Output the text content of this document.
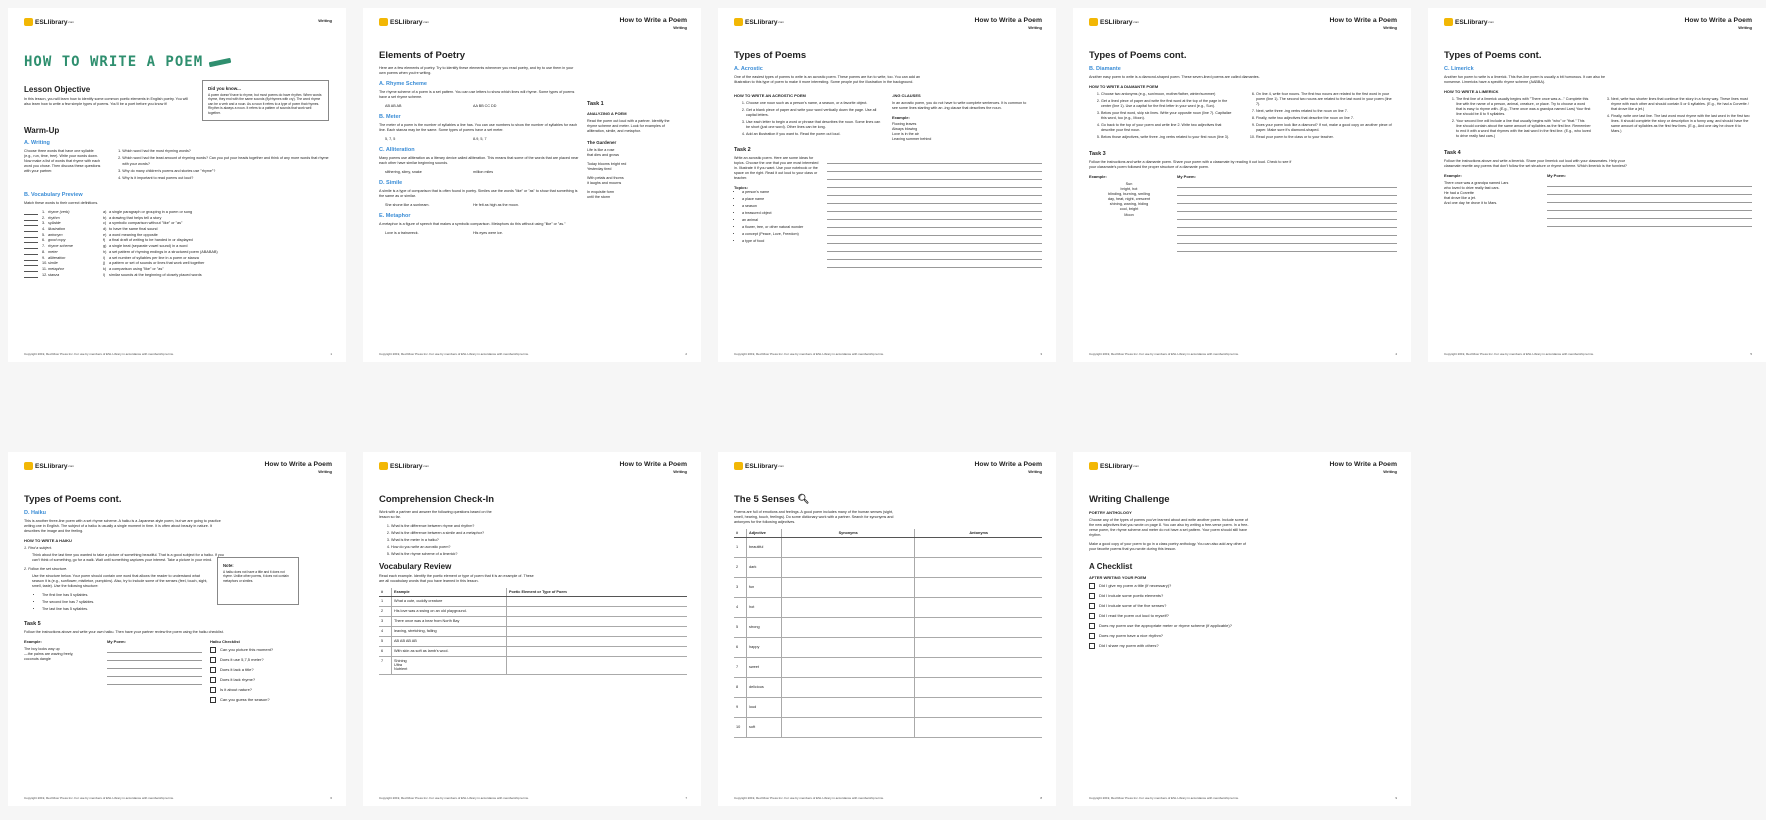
ESLlibrary .com	Writing
HOW TO WRITE A POEM
Lesson Objective

In this lesson, you will learn how to identify some common poetic elements in English poetry. You will also learn how to write a few simple types of poems. You'll be a poet before you know it!

Did you know...
A poem doesn't have to rhyme, but most poems do have rhythm. When words rhyme, they end with the same sounds (fly/rhymes with cry). The word rhyme can be a verb and a noun. As a noun it refers to a type of poem that rhymes. Rhythm is always a noun. It refers to a pattern of sounds that work well together.
Warm-Up
A. Writing

Choose three words that have one syllable (e.g., run, time, tree). Write your words down. Now make a list of words that rhyme with each word you chose. Then discuss these questions with your partner.

1. Which word had the most rhyming words?
2. Which word had the least amount of rhyming words? Can you put your heads together and think of any more words that rhyme with your words?
3. Why do many children's poems and stories use "rhyme"?
4. Why is it important to read poems out loud?
B. Vocabulary Preview

Match these words to their correct definitions.

1. rhyme (verb)	a) a single paragraph or grouping in a poem or song
2. rhythm	b) a drawing that helps tell a story
3. syllable	c) a symbolic comparison without "like" or "as"
4. illustration	d) to have the same final sound
5. antonym	e) a word meaning the opposite
6. good copy	f) a final draft of writing to be handed in or displayed
7. rhyme scheme	g) a single beat (separate vowel sound) in a word
8. meter	h) a set pattern of rhyming endings in a structured poem (ABABAB)
9. alliteration	i)	a set number of syllables per line in a poem or stanza
10. simile	j)	a pattern or set of sounds or lines that work well together
11. metaphor	k) a comparison using "like" or "as"
12. stanza	l)	similar sounds at the beginning of closely placed words
Copyright 2019, Red River Press Inc. For use by members of ESL Library in accordance with membership terms.	1
ESLlibrary .com	How to Write a Poem
Writing
Elements of Poetry

Here are a few elements of poetry. Try to identify these elements whenever you read poetry, and try to use them in your own poems when you're writing.

A. Rhyme Scheme

The rhyme scheme of a poem is a set pattern. You can use letters to show which lines will rhyme. Some types of poems have a set rhyme scheme.

AB AB AB	AA BB CC DD
B. Meter

The meter of a poem is the number of syllables a line has. You can use numbers to show the number of syllables for each line. Each stanza may be the same. Some types of poems have a set meter.

5, 7, 5	8-9, 5, 7
C. Alliteration

Many poems use alliteration as a literary device called alliteration. This means that some of the words that are placed near each other have similar beginning sounds.

slithering, slimy, snake	million miles
D. Simile

A simile is a type of comparison that is often found in poetry. Similes use the words "like" or "as" to show that something is the same as or similar.

She shone like a sunbeam.	He felt as high as the moon.
E. Metaphor

A metaphor is a figure of speech that makes a symbolic comparison. Metaphors do this without using "like" or "as."

Love is a trainwreck.	His eyes were ice.
Task 1
ANALYZING A POEM

Read the poem out loud with a partner. Identify the rhyme scheme and meter. Look for examples of alliteration, simile, and metaphor.

The Gardener
Life is like a rose
that dies and grows
Today blooms bright red
Yesterday tired
With petals and thorns
it laughs and mourns
In exquisite form
until the storm
Copyright 2019, Red River Press Inc. For use by members of ESL Library in accordance with membership terms.	2
ESLlibrary .com	How to Write a Poem
Writing
Types of Poems
A. Acrostic

One of the easiest types of poems to write is an acrostic poem. These poems are fun to write, too. You can add an illustration to this type of poem to make it more interesting. Some people put the illustration in the background.

HOW TO WRITE AN ACROSTIC POEM
1. Choose one noun such as a person's name, a season, or a favorite object.
2. Get a blank piece of paper and write your word vertically down the page. Use all capital letters.
3. Use each letter to begin a word or phrase that describes the noun. Some lines can be short (just one word). Other lines can be long.
4. Add an illustration if you want to. Read the poem out loud.
-ING CLAUSES

In an acrostic poem, you do not have to write complete sentences. It is common to see some lines starting with an -ing clause that describes the noun.

Example:
Flowing leaves
Always blowing
Love is in the air
Leaving summer behind
Task 2

Write an acrostic poem. Here are some ideas for topics. Choose the one that you are most interested in. Illustrate it if you want. Use your notebook or the space on the right. Read it out loud to your class or teacher.

Topics:
• a person's name
• a place name
• a season
• a treasured object
• an animal
• a flower, tree, or other natural wonder
• a concept (Peace, Love, Freedom)
• a type of food
Copyright 2019, Red River Press Inc. For use by members of ESL Library in accordance with membership terms.	3
ESLlibrary .com	How to Write a Poem
Writing
Types of Poems cont.
B. Diamante

Another easy poem to write is a diamond-shaped poem. These seven-lined poems are called diamantes.

HOW TO WRITE A DIAMANTE POEM
1. Choose two antonyms (e.g., sun/moon, mother/father, winter/summer)
2. Get a lined piece of paper and write the first word at the top of the page in the center (line 1). Use a capital for the first letter in your word (e.g., Sun).
3. Below your first word, skip six lines. Write your opposite noun (line 7). Capitalize this word, too (e.g., Moon).
4. Go back to the top of your poem and write line 2. Write two adjectives that describe your first noun.
5. Below those adjectives, write three -ing verbs related to your first noun (line 3).
6. On line 4, write four nouns. The first two nouns are related to the first word in your poem (line 1). The second two nouns are related to the last word in your poem (line 7).
7. Next, write three -ing verbs related to the noun on line 7.
8. Finally, write two adjectives that describe the noun on line 7.
9. Does your poem look like a diamond? If not, make a good copy on another piece of paper. Make sure it's diamond-shaped.
10. Read your poem to the class or to your teacher.
Task 3

Follow the instructions and write a diamante poem. Share your poem with a classmate by reading it out loud. Check to see if your classmate's poem followed the proper structure of a diamante poem.

Example:
Sun
bright, hot
blinding, burning, smiling
day, heat, night, crescent
shining, waning, hiding
cool, bright
Moon
My Poem:
Copyright 2019, Red River Press Inc. For use by members of ESL Library in accordance with membership terms.	4
ESLlibrary .com	How to Write a Poem
Writing
Types of Poems cont.
C. Limerick

Another fun poem to write is a limerick. This five-line poem is usually a bit humorous. It can also be nonsense. Limericks have a specific rhyme scheme (AABBA).

HOW TO WRITE A LIMERICK
1. The first line of a limerick usually begins with "There once was a..." Complete this line with the name of a person, animal, creature, or place. Try to choose a word that is easy to rhyme with. (E.g., There once was a grandpa named Lars) Your first line should be 8 to 9 syllables.
2. Your second line will include a line that usually begins with "who" or "that." This line should contain about the same amount of syllables as the first line. Remember to end it with a word that rhymes with the last word in the first line. (E.g., who loved to drive really fast cars.)
3. Next, write two shorter lines that continue the story in a funny way. These lines must rhyme with each other and should contain 5 or 6 syllables. (E.g., He had a Corvette / that drove like a jet.)
4. Finally, write one last line. The last word must rhyme with the last word in the first two lines. It should complete the story or description in a funny way, and should have the same amount of syllables as the first few lines. (E.g., And one day he drove it to Mars.)
Task 4

Follow the instructions above and write a limerick. Share your limerick out loud with your classmates. Help your classmate rewrite any poems that don't follow the set structure or rhyme scheme. Which limerick is the funniest?

Example:
There once was a grandpa named Lars
who loved to drive really fast cars.
He had a Corvette
that drove like a jet.
And one day he drove it to Mars.
My Poem:
Copyright 2019, Red River Press Inc. For use by members of ESL Library in accordance with membership terms.	5
ESLlibrary .com	How to Write a Poem
Writing
Types of Poems cont.
D. Haiku

This is another three-line poem with a set rhyme scheme. A haiku is a Japanese-style poem, but we are going to practice writing one in English. The subject of a haiku is usually a single moment in time. It is often about beauty in nature. It describes the image and the feeling.

HOW TO WRITE A HAIKU
1. Find a subject.

Think about the last time you wanted to take a picture of something beautiful. That is a good subject for a haiku. If you can't think of something, go for a walk. Wait until something captures your interest. Take a picture in your mind.

2. Follow the set structure.

Use the structure below. Your poem should contain one word that allows the reader to understand what season it is (e.g., sunflower, mistletoe, pumpkins). Also, try to include some of the senses (feel, touch, sight, smell, taste). Use the following structure:

• The first line has 5 syllables.
• The second line has 7 syllables.
• The last line has 5 syllables.
Note:
A haiku does not have a title and it does not rhyme. Unlike other poems, it does not contain metaphors or similes.
Task 5

Follow the instructions above and write your own haiku. Then have your partner review the poem using the haiku checklist.

Example:
The boy looks way up
—the palms are waving freely,
coconuts dangle
My Poem:	Haiku Checklist
Can you picture this moment?
Does it use 5,7,5 meter?
Does it lack a title?
Does it lack rhyme?
Is it about nature?
Can you guess the season?
Copyright 2019, Red River Press Inc. For use by members of ESL Library in accordance with membership terms.	6
ESLlibrary .com	How to Write a Poem
Writing
Comprehension Check-In

Work with a partner and answer the following questions based on the lesson so far.

1. What is the difference between rhyme and rhythm?
2. What is the difference between a simile and a metaphor?
3. What is the meter in a haiku?
4. How do you write an acrostic poem?
5. What is the rhyme scheme of a limerick?
Vocabulary Review

Read each example. Identify the poetic element or type of poem that it is an example of. These are all vocabulary words that you have learned in this lesson.

#	Example	Poetic Element or Type of Poem
1	What a cute, cuddly creature	
2	His love was a swing on an old playground.	
3	There once was a bear from North Bay	
4	leaving, stretching, falling	
5	AB AB AB AB	
6	With skin as soft as lamb's wool.	
7	Shining
Ultra
Nutrient	
Copyright 2019, Red River Press Inc. For use by members of ESL Library in accordance with membership terms.	7
ESLlibrary .com	How to Write a Poem
Writing
The 5 Senses 🔍︎

Poems are full of emotions and feelings. A good poem includes many of the human senses (sight, smell, hearing, touch, feelings). Do some dictionary work with a partner. Search for synonyms and antonyms for the following adjectives.

#	Adjective	Synonyms	Antonyms
1	beautiful		
2	dark		
3	fun		
4	hot		
5	strong		
6	happy		
7	sweet		
8	delicious		
9	loud		
10	soft		
Copyright 2019, Red River Press Inc. For use by members of ESL Library in accordance with membership terms.	8
ESLlibrary .com	How to Write a Poem
Writing
Writing Challenge
POETRY ANTHOLOGY

Choose any of the types of poems you've learned about and write another poem. Include some of the new adjectives that you wrote on page 8. You can also try writing a free-verse poem. In a free-verse poem, the rhyme scheme and meter do not have a set pattern. Your poem should still have rhythm.

Make a good copy of your poem to go in a class poetry anthology. You can also add any other of your favorite poems that you wrote during this lesson.

A Checklist
AFTER WRITING YOUR POEM
Did I give my poem a title (if necessary)?
Did I include some poetic elements?
Did I include some of the five senses?
Did I read the poem out loud to myself?
Does my poem use the appropriate meter or rhyme scheme (if applicable)?
Does my poem have a nice rhythm?
Did I share my poem with others?
Copyright 2019, Red River Press Inc. For use by members of ESL Library in accordance with membership terms.	9
